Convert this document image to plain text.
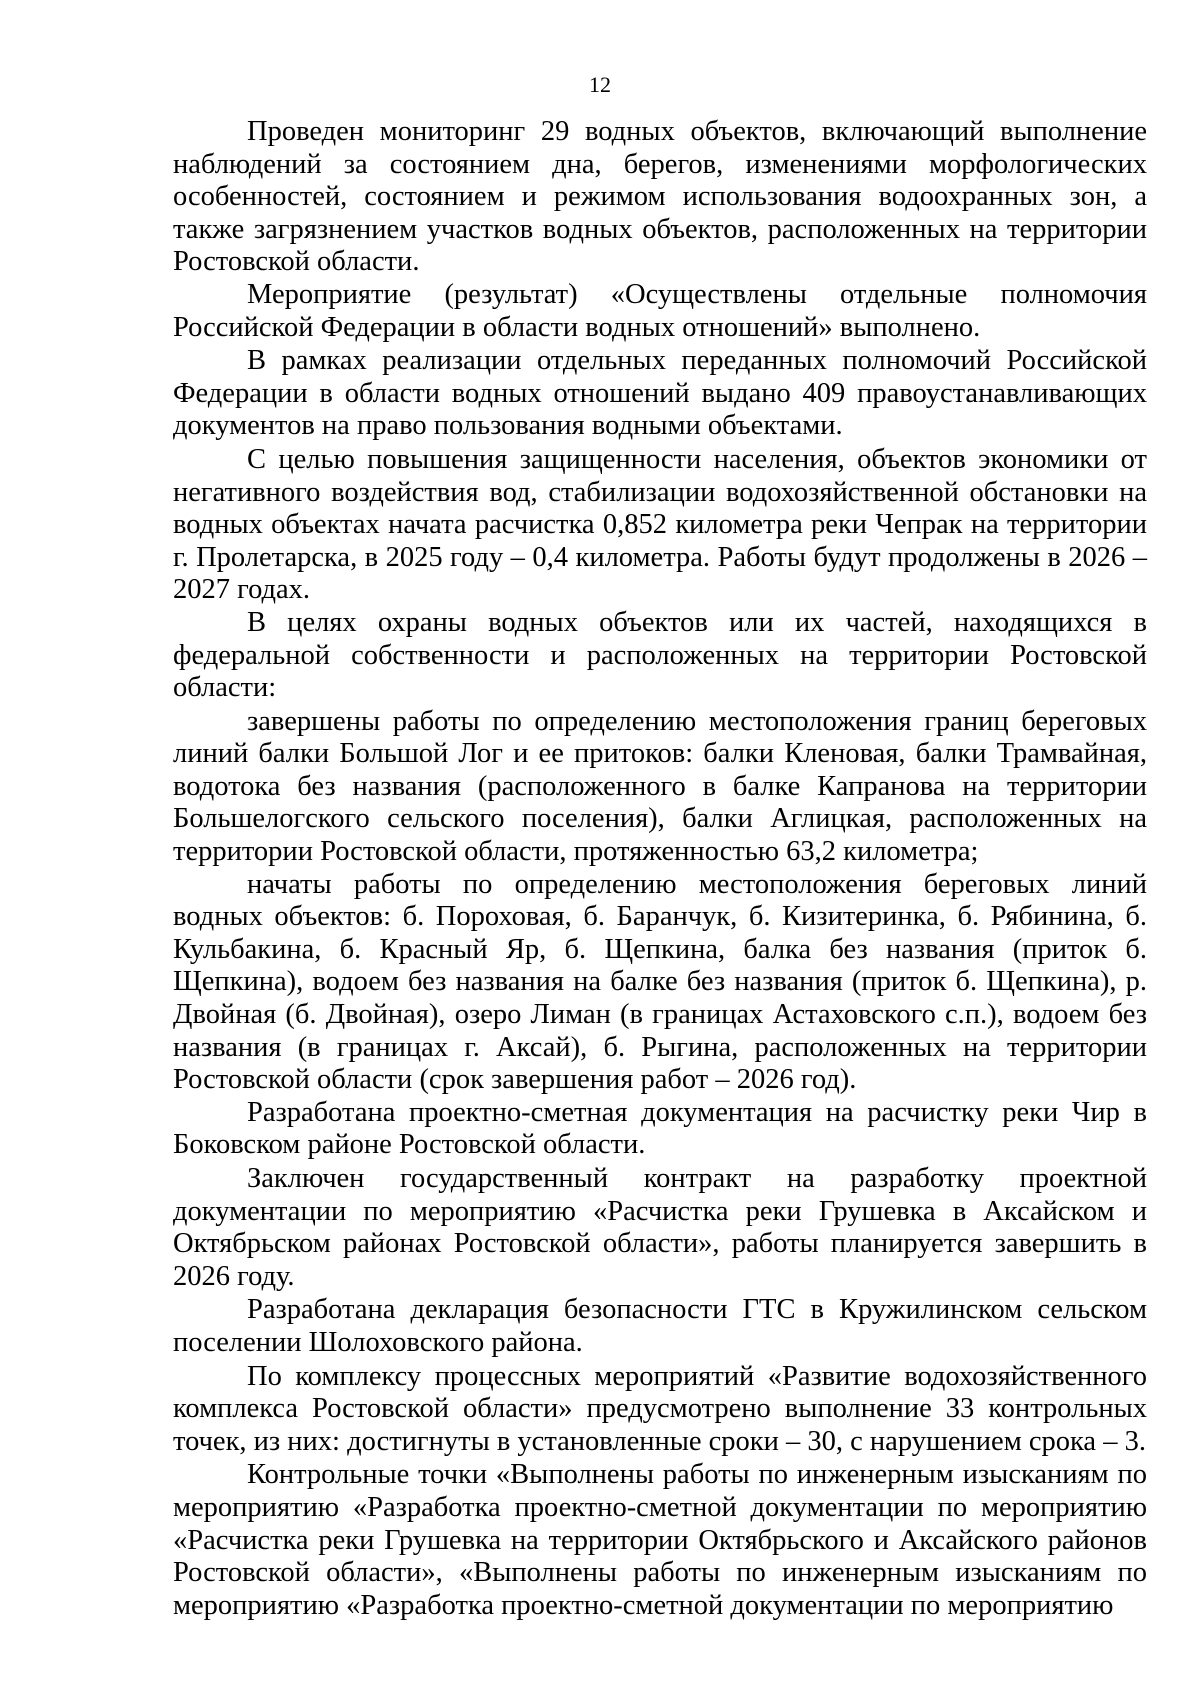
12

Проведен мониторинг 29 водных объектов, включающий выполнение наблюдений за состоянием дна, берегов, изменениями морфологических особенностей, состоянием и режимом использования водоохранных зон, а также загрязнением участков водных объектов, расположенных на территории Ростовской области.

Мероприятие (результат) «Осуществлены отдельные полномочия Российской Федерации в области водных отношений» выполнено.

В рамках реализации отдельных переданных полномочий Российской Федерации в области водных отношений выдано 409 правоустанавливающих документов на право пользования водными объектами.

С целью повышения защищенности населения, объектов экономики от негативного воздействия вод, стабилизации водохозяйственной обстановки на водных объектах начата расчистка 0,852 километра реки Чепрак на территории г. Пролетарска, в 2025 году – 0,4 километра. Работы будут продолжены в 2026 – 2027 годах.

В целях охраны водных объектов или их частей, находящихся в федеральной собственности и расположенных на территории Ростовской области:

завершены работы по определению местоположения границ береговых линий балки Большой Лог и ее притоков: балки Кленовая, балки Трамвайная, водотока без названия (расположенного в балке Капранова на территории Большелогского сельского поселения), балки Аглицкая, расположенных на территории Ростовской области, протяженностью 63,2 километра;

начаты работы по определению местоположения береговых линий водных объектов: б. Пороховая, б. Баранчук, б. Кизитеринка, б. Рябинина, б. Кульбакина, б. Красный Яр, б. Щепкина, балка без названия (приток б. Щепкина), водоем без названия на балке без названия (приток б. Щепкина), р. Двойная (б. Двойная), озеро Лиман (в границах Астаховского с.п.), водоем без названия (в границах г. Аксай), б. Рыгина, расположенных на территории Ростовской области (срок завершения работ – 2026 год).

Разработана проектно-сметная документация на расчистку реки Чир в Боковском районе Ростовской области.

Заключен государственный контракт на разработку проектной документации по мероприятию «Расчистка реки Грушевка в Аксайском и Октябрьском районах Ростовской области», работы планируется завершить в 2026 году.

Разработана декларация безопасности ГТС в Кружилинском сельском поселении Шолоховского района.

По комплексу процессных мероприятий «Развитие водохозяйственного комплекса Ростовской области» предусмотрено выполнение 33 контрольных точек, из них: достигнуты в установленные сроки – 30, с нарушением срока – 3.

Контрольные точки «Выполнены работы по инженерным изысканиям по мероприятию «Разработка проектно-сметной документации по мероприятию «Расчистка реки Грушевка на территории Октябрьского и Аксайского районов Ростовской области», «Выполнены работы по инженерным изысканиям по мероприятию «Разработка проектно-сметной документации по мероприятию
